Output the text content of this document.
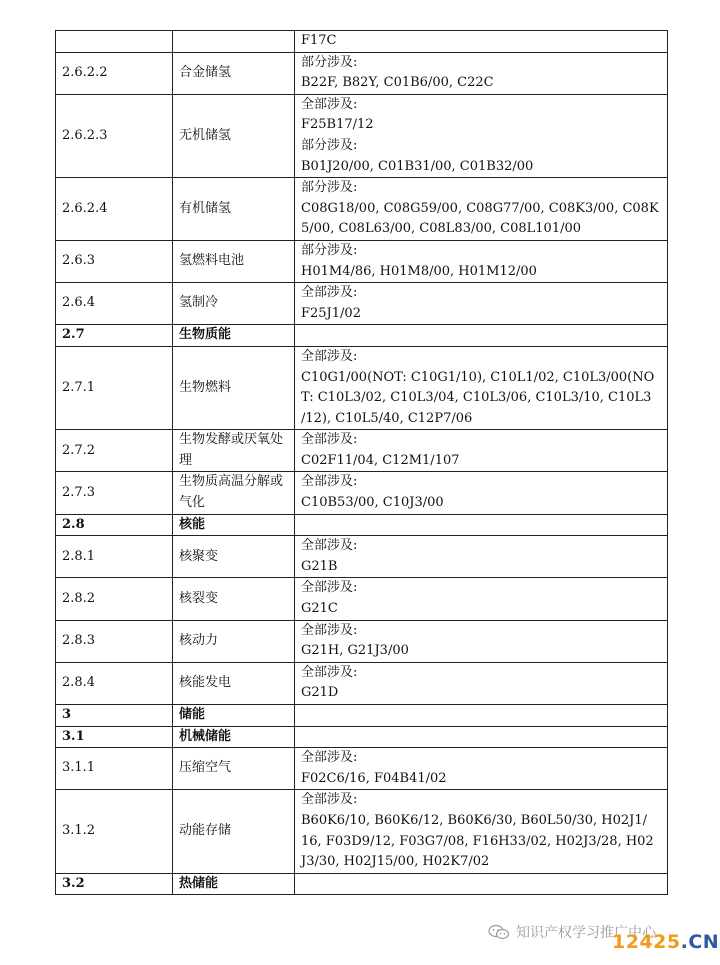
		F17C

2.6.2.2	合金储氢	部分涉及:
B22F, B82Y, C01B6/00, C22C

2.6.2.3	无机储氢	全部涉及:
F25B17/12
部分涉及:
B01J20/00, C01B31/00, C01B32/00

2.6.2.4	有机储氢	部分涉及:
C08G18/00, C08G59/00, C08G77/00, C08K3/00, C08K
5/00, C08L63/00, C08L83/00, C08L101/00

2.6.3	氢燃料电池	部分涉及:
H01M4/86, H01M8/00, H01M12/00

2.6.4	氢制冷	全部涉及:
F25J1/02

2.7	生物质能	
2.7.1	生物燃料	全部涉及:
C10G1/00(NOT: C10G1/10), C10L1/02, C10L3/00(NO
T: C10L3/02, C10L3/04, C10L3/06, C10L3/10, C10L3
/12), C10L5/40, C12P7/06

2.7.2	生物发酵或厌氧处理	全部涉及:
C02F11/04, C12M1/107

2.7.3	生物质高温分解或气化	全部涉及:
C10B53/00, C10J3/00

2.8	核能	
2.8.1	核聚变	全部涉及:
G21B

2.8.2	核裂变	全部涉及:
G21C

2.8.3	核动力	全部涉及:
G21H, G21J3/00

2.8.4	核能发电	全部涉及:
G21D

3	储能	
3.1	机械储能	
3.1.1	压缩空气	全部涉及:
F02C6/16, F04B41/02

3.1.2	动能存储	全部涉及:
B60K6/10, B60K6/12, B60K6/30, B60L50/30, H02J1/
16, F03D9/12, F03G7/08, F16H33/02, H02J3/28, H02
J3/30, H02J15/00, H02K7/02

3.2	热储能	
知识产权学习推广中心
12425.CN
